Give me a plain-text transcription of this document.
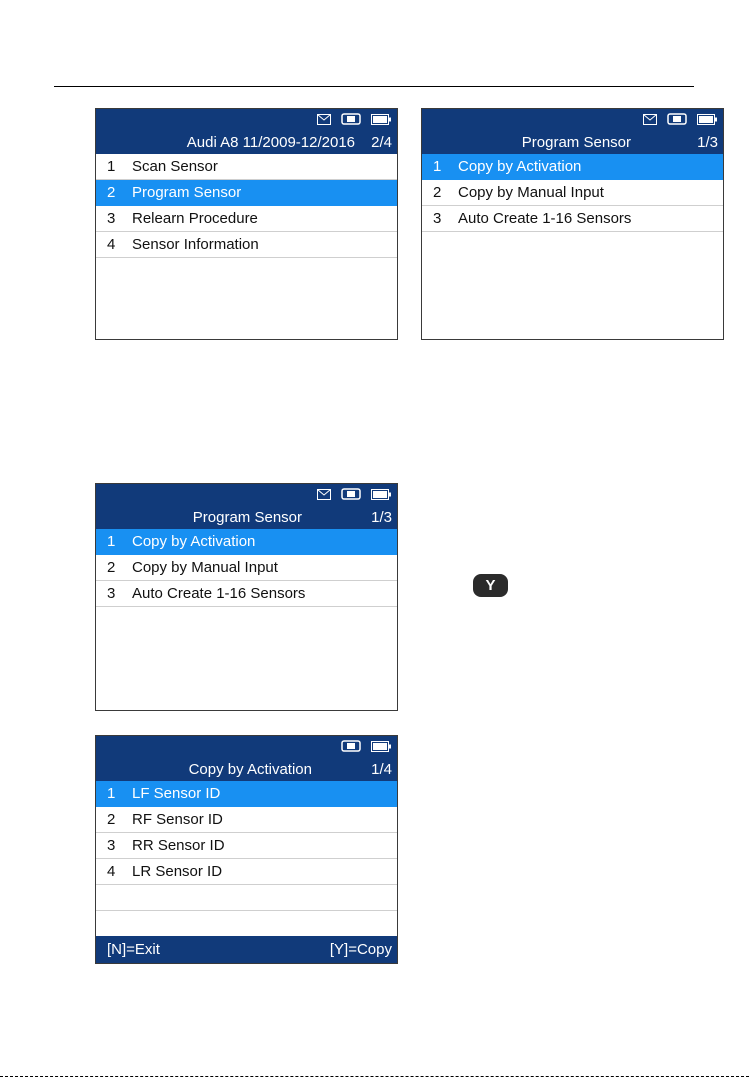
Audi A8 11/2009-12/2016 2/4
1	Scan Sensor
2	Program Sensor
3	Relearn Procedure
4	Sensor Information
Program Sensor	1/3
1	Copy by Activation
2	Copy by Manual Input
3	Auto Create 1-16 Sensors
Program Sensor	1/3
1	Copy by Activation
2	Copy by Manual Input
3	Auto Create 1-16 Sensors
Copy by Activation	1/4
1	LF Sensor ID
2	RF Sensor ID
3	RR Sensor ID
4	LR Sensor ID
[N]=Exit	[Y]=Copy
Y
